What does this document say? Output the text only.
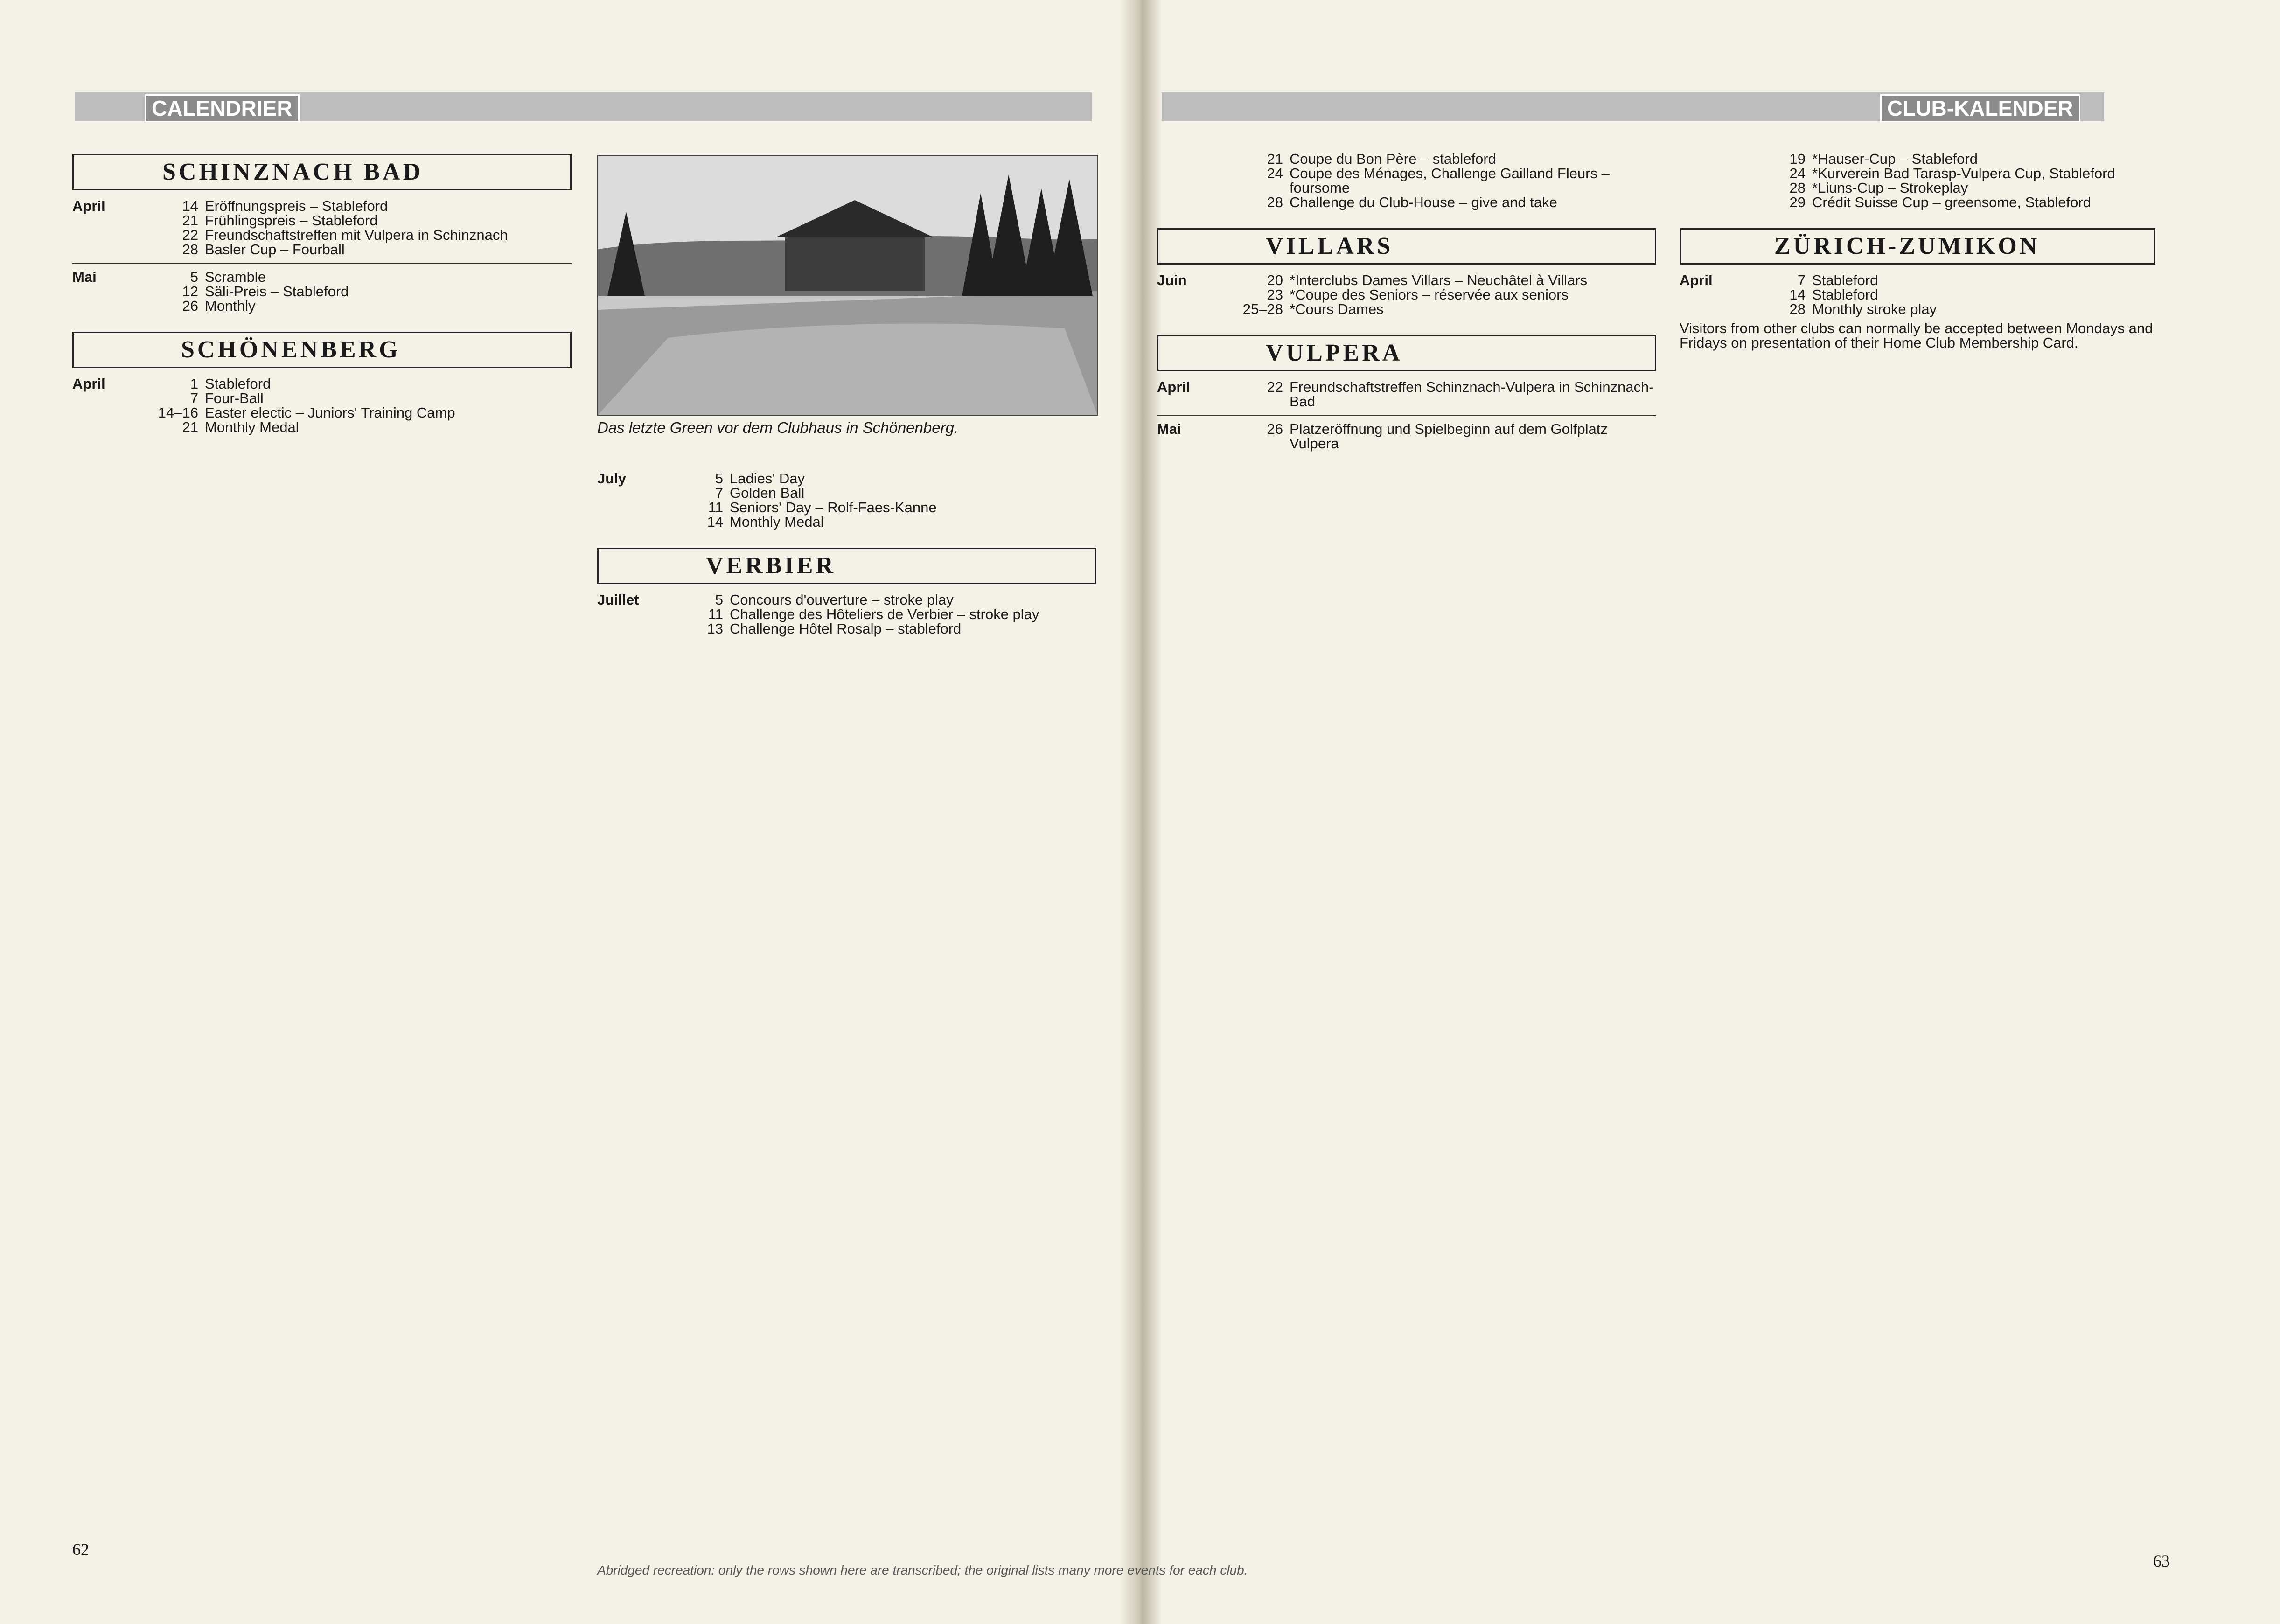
CALENDRIER	CLUB-KALENDER
SCHINZNACH BAD
April	14 Eröffnungspreis – Stableford
21 Frühlingspreis – Stableford
22 Freundschaftstreffen mit Vulpera in Schinznach
28 Basler Cup – Fourball
Mai	5 Scramble
12 Säli-Preis – Stableford
26 Monthly
SCHÖNENBERG
April	1 Stableford
7 Four-Ball
14–16 Easter electic – Juniors' Training Camp
21 Monthly Medal	Das letzte Green vor dem Clubhaus in Schönenberg.
July	5 Ladies' Day
7 Golden Ball
11 Seniors' Day – Rolf-Faes-Kanne
14 Monthly Medal
VERBIER
Juillet	5 Concours d'ouverture – stroke play
11 Challenge des Hôteliers de Verbier – stroke play
13 Challenge Hôtel Rosalp – stableford
21 Coupe du Bon Père – stableford
24 Coupe des Ménages, Challenge Gailland Fleurs – foursome
28 Challenge du Club-House – give and take
VILLARS
Juin	20 *Interclubs Dames Villars – Neuchâtel à Villars
23 *Coupe des Seniors – réservée aux seniors
25–28 *Cours Dames
VULPERA
April	22 Freundschaftstreffen Schinznach-Vulpera in Schinznach-Bad
Mai	26 Platzeröffnung und Spielbeginn auf dem Golfplatz Vulpera
19 *Hauser-Cup – Stableford
24 *Kurverein Bad Tarasp-Vulpera Cup, Stableford
28 *Liuns-Cup – Strokeplay
29 Crédit Suisse Cup – greensome, Stableford
ZÜRICH-ZUMIKON
April	7 Stableford
14 Stableford
28 Monthly stroke play
Visitors from other clubs can normally be accepted between Mondays and Fridays on presentation of their Home Club Membership Card.
62
63
Abridged recreation: only the rows shown here are transcribed; the original lists many more events for each club.
